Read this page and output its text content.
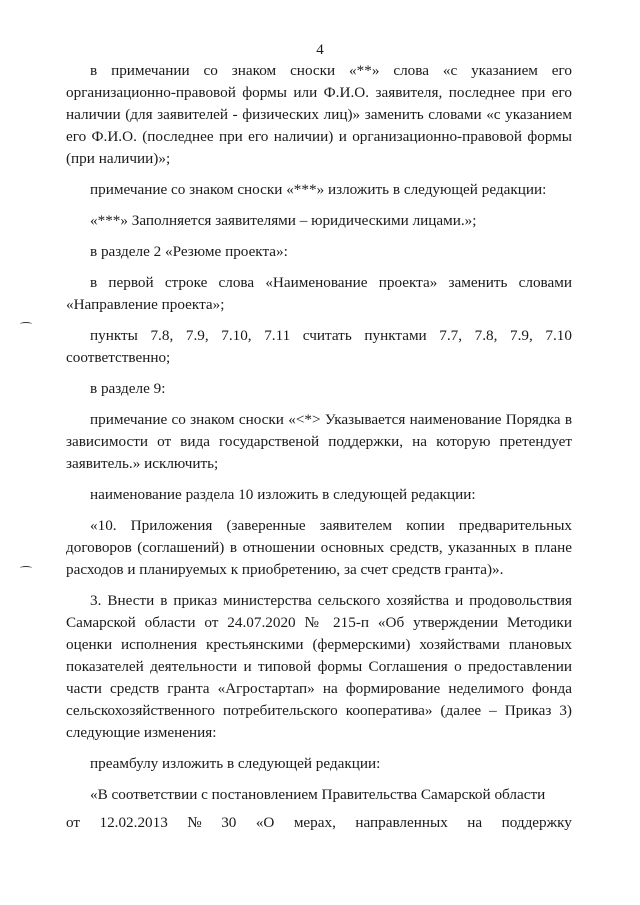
4

в примечании со знаком сноски «**» слова «с указанием его организационно-правовой формы или Ф.И.О. заявителя, последнее при его наличии (для заявителей - физических лиц)» заменить словами «с указанием его Ф.И.О. (последнее при его наличии) и организационно-правовой формы (при наличии)»;

примечание со знаком сноски «***» изложить в следующей редакции:

«***» Заполняется заявителями – юридическими лицами.»;

в разделе 2 «Резюме проекта»:

в первой строке слова «Наименование проекта» заменить словами «Направление проекта»;

пункты 7.8, 7.9, 7.10, 7.11 считать пунктами 7.7, 7.8, 7.9, 7.10 соответственно;

в разделе 9:

примечание со знаком сноски «<*> Указывается наименование Порядка в зависимости от вида государственой поддержки, на которую претендует заявитель.» исключить;

наименование раздела 10 изложить в следующей редакции:

«10. Приложения (заверенные заявителем копии предварительных договоров (соглашений) в отношении основных средств, указанных в плане расходов и планируемых к приобретению, за счет средств гранта)».

3. Внести в приказ министерства сельского хозяйства и продовольствия Самарской области от 24.07.2020 № 215-п «Об утверждении Методики оценки исполнения крестьянскими (фермерскими) хозяйствами плановых показателей деятельности и типовой формы Соглашения о предоставлении части средств гранта «Агростартап» на формирование неделимого фонда сельскохозяйственного потребительского кооператива» (далее – Приказ 3) следующие изменения:

преамбулу изложить в следующей редакции:

«В соответствии с постановлением Правительства Самарской области

от 12.02.2013 № 30 «О мерах, направленных на поддержку
